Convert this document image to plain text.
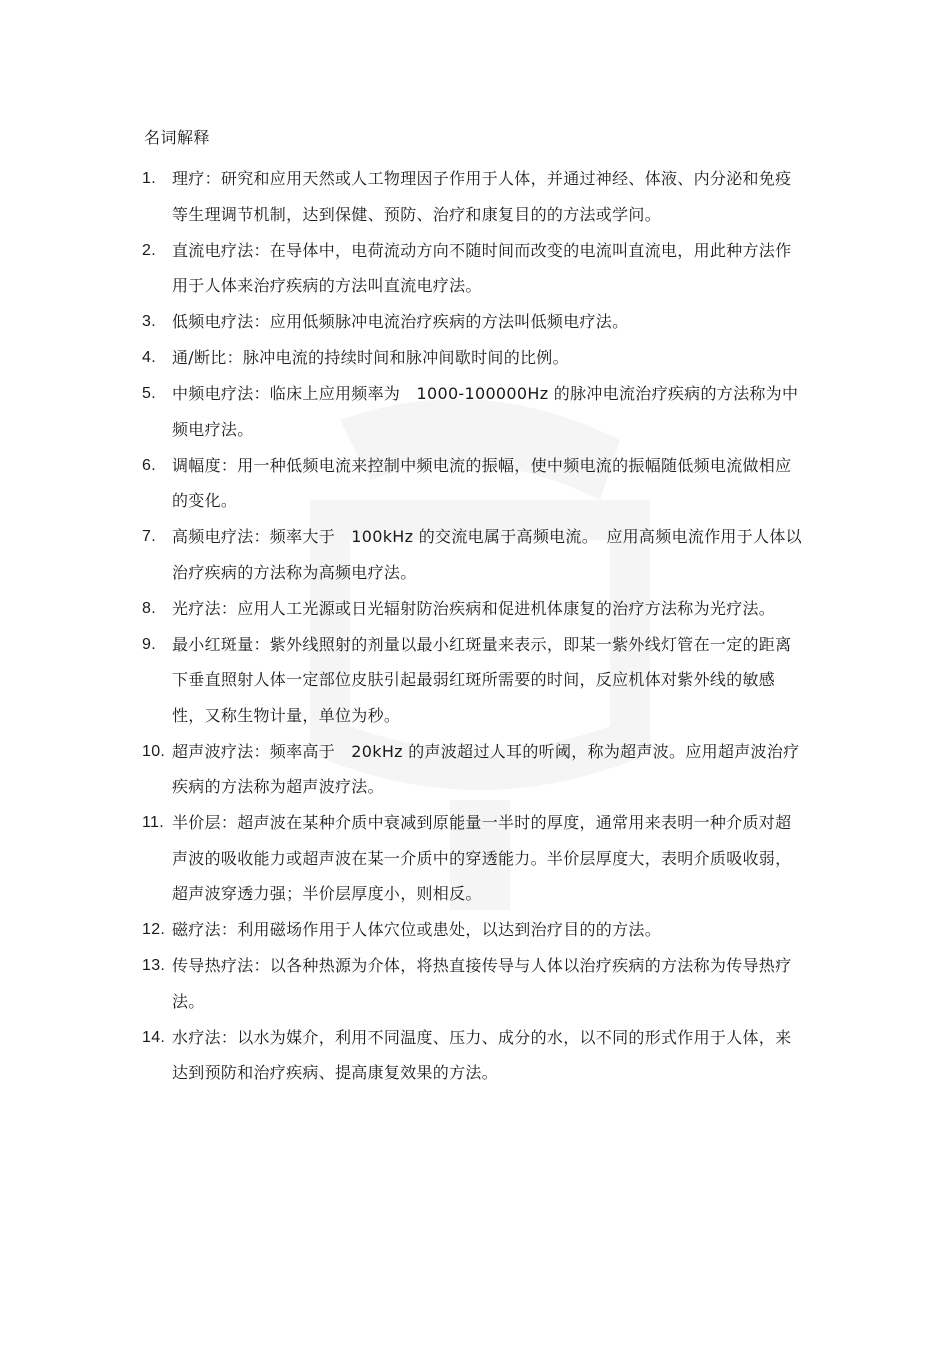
名词解释
1. 理疗：研究和应用天然或人工物理因子作用于人体，并通过神经、体液、内分泌和免疫等生理调节机制，达到保健、预防、治疗和康复目的的方法或学问。
2. 直流电疗法：在导体中，电荷流动方向不随时间而改变的电流叫直流电，用此种方法作用于人体来治疗疾病的方法叫直流电疗法。
3. 低频电疗法：应用低频脉冲电流治疗疾病的方法叫低频电疗法。
4. 通/断比：脉冲电流的持续时间和脉冲间歇时间的比例。
5. 中频电疗法：临床上应用频率为　1000-100000Hz 的脉冲电流治疗疾病的方法称为中频电疗法。
6. 调幅度：用一种低频电流来控制中频电流的振幅，使中频电流的振幅随低频电流做相应的变化。
7. 高频电疗法：频率大于　100kHz 的交流电属于高频电流。　应用高频电流作用于人体以治疗疾病的方法称为高频电疗法。
8. 光疗法：应用人工光源或日光辐射防治疾病和促进机体康复的治疗方法称为光疗法。
9. 最小红斑量：紫外线照射的剂量以最小红斑量来表示，即某一紫外线灯管在一定的距离下垂直照射人体一定部位皮肤引起最弱红斑所需要的时间，反应机体对紫外线的敏感性，又称生物计量，单位为秒。
10. 超声波疗法：频率高于　20kHz 的声波超过人耳的听阈，称为超声波。应用超声波治疗疾病的方法称为超声波疗法。
11. 半价层：超声波在某种介质中衰减到原能量一半时的厚度，通常用来表明一种介质对超声波的吸收能力或超声波在某一介质中的穿透能力。半价层厚度大，表明介质吸收弱，超声波穿透力强；半价层厚度小，则相反。
12. 磁疗法：利用磁场作用于人体穴位或患处，以达到治疗目的的方法。
13. 传导热疗法：以各种热源为介体，将热直接传导与人体以治疗疾病的方法称为传导热疗法。
14. 水疗法：以水为媒介，利用不同温度、压力、成分的水，以不同的形式作用于人体，来达到预防和治疗疾病、提高康复效果的方法。
